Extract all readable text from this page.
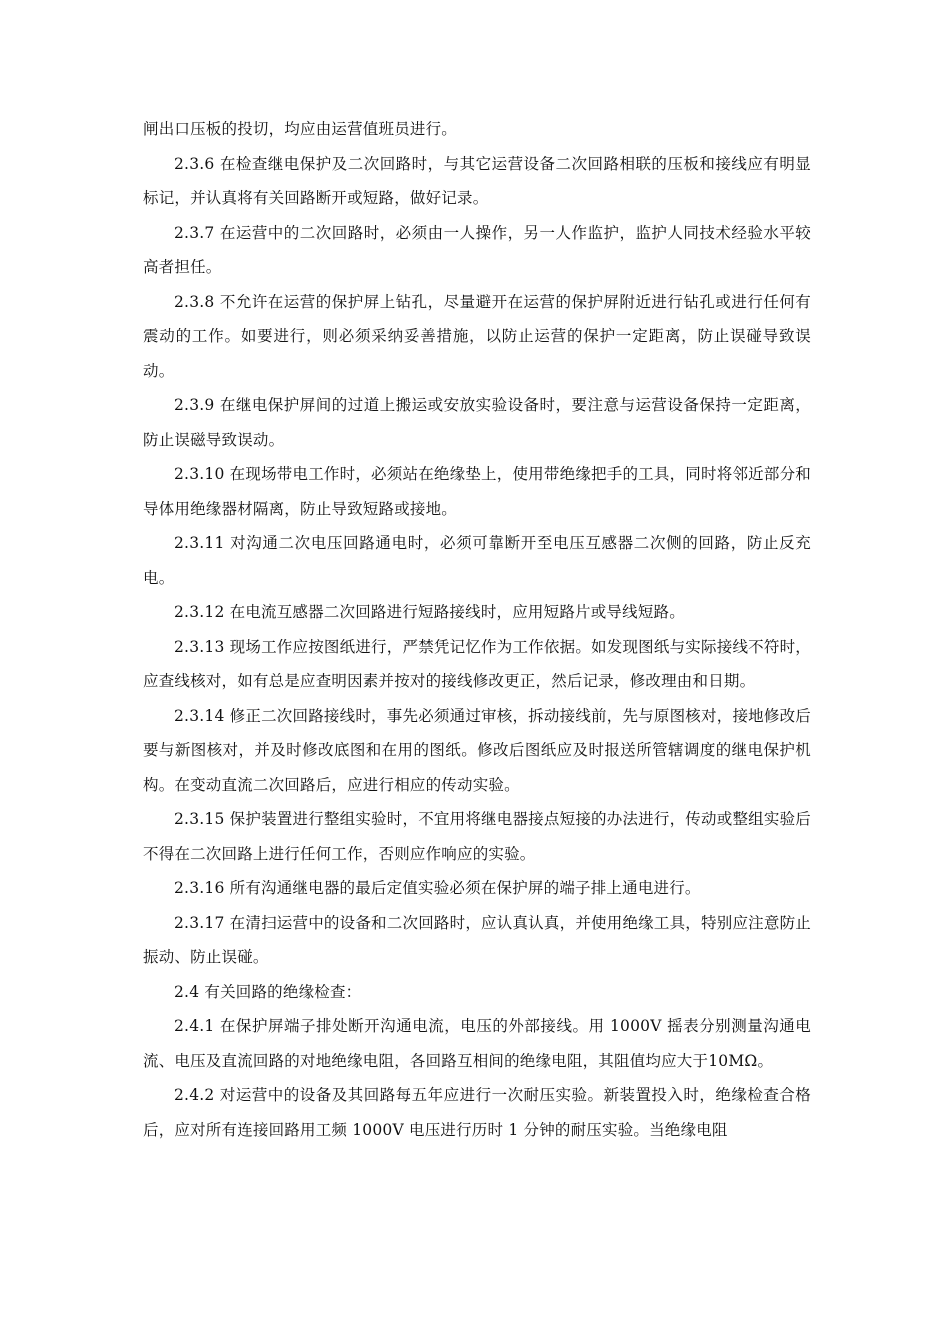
闸出口压板的投切，均应由运营值班员进行。

2.3.6 在检查继电保护及二次回路时，与其它运营设备二次回路相联的压板和接线应有明显标记，并认真将有关回路断开或短路，做好记录。

2.3.7 在运营中的二次回路时，必须由一人操作，另一人作监护，监护人同技术经验水平较高者担任。

2.3.8 不允许在运营的保护屏上钻孔，尽量避开在运营的保护屏附近进行钻孔或进行任何有震动的工作。如要进行，则必须采纳妥善措施，以防止运营的保护一定距离，防止误碰导致误动。

2.3.9 在继电保护屏间的过道上搬运或安放实验设备时，要注意与运营设备保持一定距离，防止误磁导致误动。

2.3.10 在现场带电工作时，必须站在绝缘垫上，使用带绝缘把手的工具，同时将邻近部分和导体用绝缘器材隔离，防止导致短路或接地。

2.3.11 对沟通二次电压回路通电时，必须可靠断开至电压互感器二次侧的回路，防止反充电。

2.3.12 在电流互感器二次回路进行短路接线时，应用短路片或导线短路。

2.3.13 现场工作应按图纸进行，严禁凭记忆作为工作依据。如发现图纸与实际接线不符时，应查线核对，如有总是应查明因素并按对的接线修改更正，然后记录，修改理由和日期。

2.3.14 修正二次回路接线时，事先必须通过审核，拆动接线前，先与原图核对，接地修改后要与新图核对，并及时修改底图和在用的图纸。修改后图纸应及时报送所管辖调度的继电保护机构。在变动直流二次回路后，应进行相应的传动实验。

2.3.15 保护装置进行整组实验时，不宜用将继电器接点短接的办法进行，传动或整组实验后不得在二次回路上进行任何工作，否则应作响应的实验。

2.3.16 所有沟通继电器的最后定值实验必须在保护屏的端子排上通电进行。

2.3.17 在清扫运营中的设备和二次回路时，应认真认真，并使用绝缘工具，特别应注意防止振动、防止误碰。

2.4 有关回路的绝缘检查：

2.4.1 在保护屏端子排处断开沟通电流，电压的外部接线。用 1000V 摇表分别测量沟通电流、电压及直流回路的对地绝缘电阻，各回路互相间的绝缘电阻，其阻值均应大于10MΩ。

2.4.2 对运营中的设备及其回路每五年应进行一次耐压实验。新装置投入时，绝缘检查合格后，应对所有连接回路用工频 1000V 电压进行历时 1 分钟的耐压实验。当绝缘电阻
